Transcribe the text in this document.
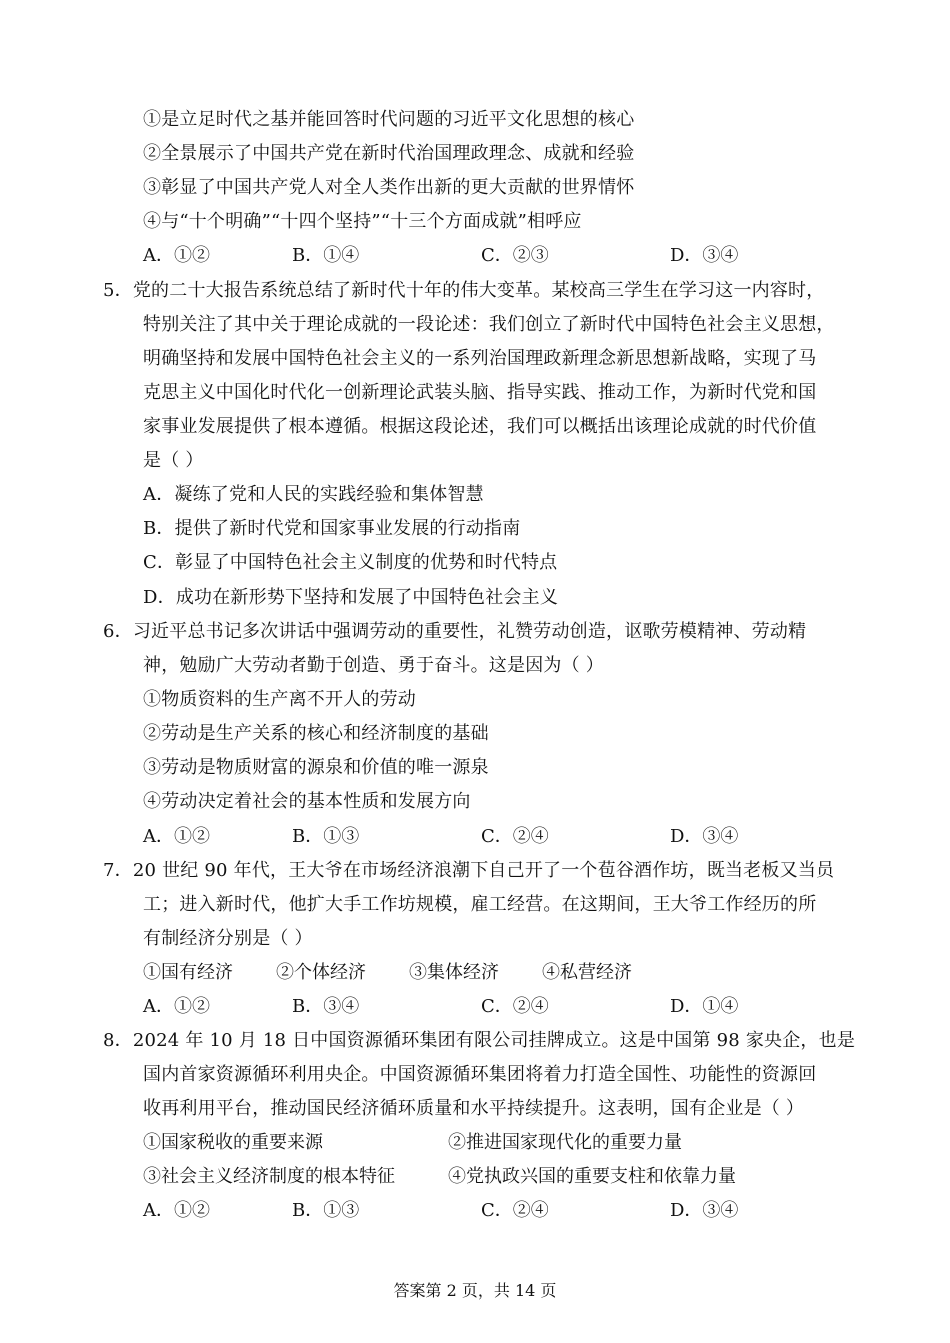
①是立足时代之基并能回答时代问题的习近平文化思想的核心
②全景展示了中国共产党在新时代治国理政理念、成就和经验
③彰显了中国共产党人对全人类作出新的更大贡献的世界情怀
④与“十个明确”“十四个坚持”“十三个方面成就”相呼应
A．①②	B．①④	C．②③	D．③④
5．党的二十大报告系统总结了新时代十年的伟大变革。某校高三学生在学习这一内容时，
特别关注了其中关于理论成就的一段论述：我们创立了新时代中国特色社会主义思想，
明确坚持和发展中国特色社会主义的一系列治国理政新理念新思想新战略，实现了马
克思主义中国化时代化一创新理论武装头脑、指导实践、推动工作，为新时代党和国
家事业发展提供了根本遵循。根据这段论述，我们可以概括出该理论成就的时代价值
是（ ）
A．凝练了党和人民的实践经验和集体智慧
B．提供了新时代党和国家事业发展的行动指南
C．彰显了中国特色社会主义制度的优势和时代特点
D．成功在新形势下坚持和发展了中国特色社会主义
6．习近平总书记多次讲话中强调劳动的重要性，礼赞劳动创造，讴歌劳模精神、劳动精
神，勉励广大劳动者勤于创造、勇于奋斗。这是因为（ ）
①物质资料的生产离不开人的劳动
②劳动是生产关系的核心和经济制度的基础
③劳动是物质财富的源泉和价值的唯一源泉
④劳动决定着社会的基本性质和发展方向
A．①②	B．①③	C．②④	D．③④
7．20 世纪 90 年代，王大爷在市场经济浪潮下自己开了一个苞谷酒作坊，既当老板又当员
工；进入新时代，他扩大手工作坊规模，雇工经营。在这期间，王大爷工作经历的所
有制经济分别是（ ）
①国有经济 ②个体经济 ③集体经济 ④私营经济
A．①②	B．③④	C．②④	D．①④
8．2024 年 10 月 18 日中国资源循环集团有限公司挂牌成立。这是中国第 98 家央企，也是
国内首家资源循环利用央企。中国资源循环集团将着力打造全国性、功能性的资源回
收再利用平台，推动国民经济循环质量和水平持续提升。这表明，国有企业是（ ）
①国家税收的重要来源	②推进国家现代化的重要力量
③社会主义经济制度的根本特征	④党执政兴国的重要支柱和依靠力量
A．①②	B．①③	C．②④	D．③④
答案第 2 页，共 14 页
